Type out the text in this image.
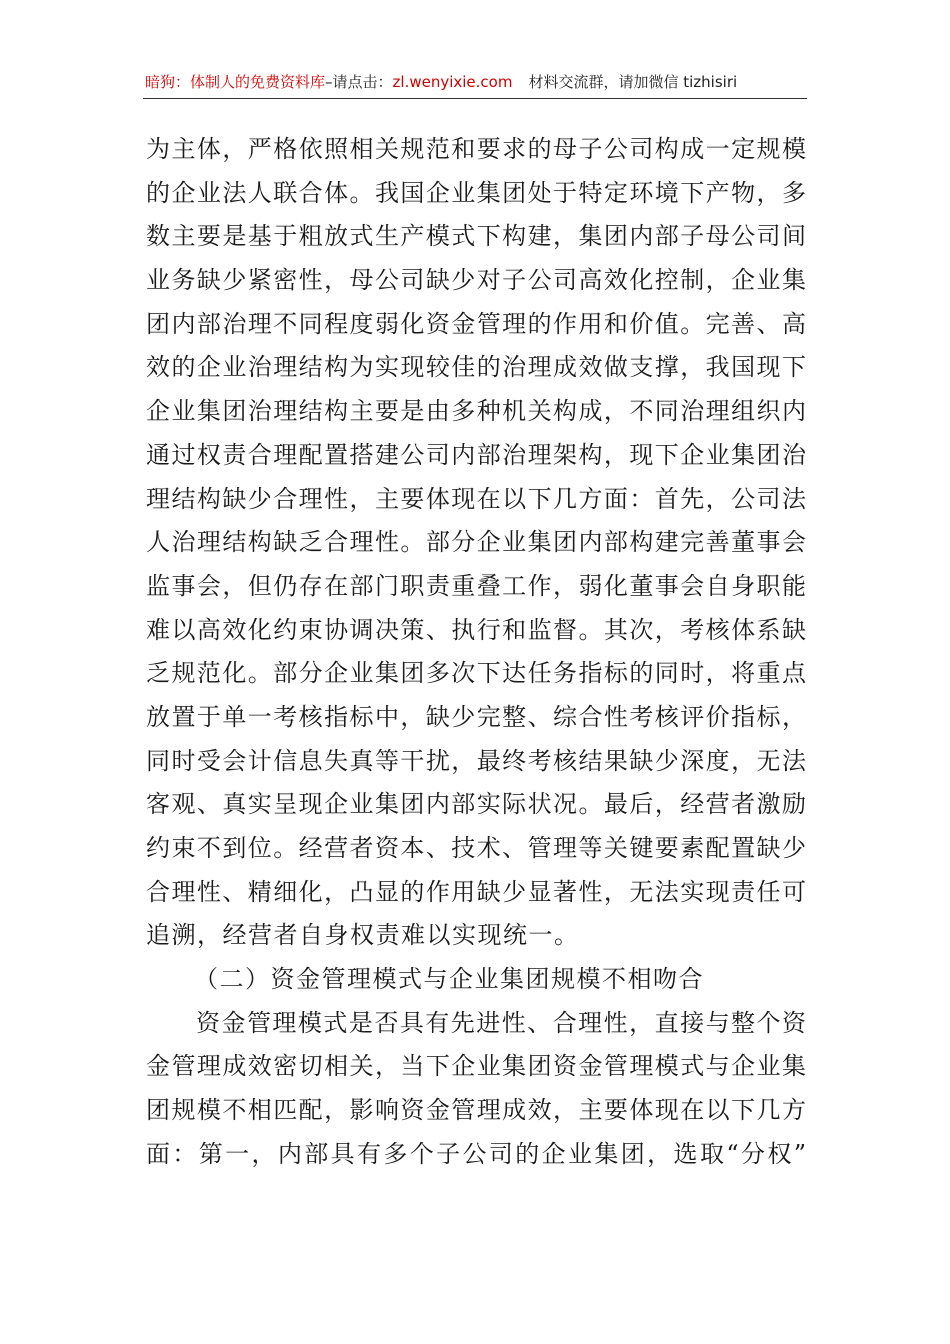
暗狗：体制人的免费资料库–请点击：zl.wenyixie.com 材料交流群，请加微信 tizhisiri
为主体，严格依照相关规范和要求的母子公司构成一定规模
的企业法人联合体。我国企业集团处于特定环境下产物，多
数主要是基于粗放式生产模式下构建，集团内部子母公司间
业务缺少紧密性，母公司缺少对子公司高效化控制，企业集
团内部治理不同程度弱化资金管理的作用和价值。完善、高
效的企业治理结构为实现较佳的治理成效做支撑，我国现下
企业集团治理结构主要是由多种机关构成，不同治理组织内
通过权责合理配置搭建公司内部治理架构，现下企业集团治
理结构缺少合理性，主要体现在以下几方面：首先，公司法
人治理结构缺乏合理性。部分企业集团内部构建完善董事会
监事会，但仍存在部门职责重叠工作，弱化董事会自身职能
难以高效化约束协调决策、执行和监督。其次，考核体系缺
乏规范化。部分企业集团多次下达任务指标的同时，将重点
放置于单一考核指标中，缺少完整、综合性考核评价指标，
同时受会计信息失真等干扰，最终考核结果缺少深度，无法
客观、真实呈现企业集团内部实际状况。最后，经营者激励
约束不到位。经营者资本、技术、管理等关键要素配置缺少
合理性、精细化，凸显的作用缺少显著性，无法实现责任可
追溯，经营者自身权责难以实现统一。
（二）资金管理模式与企业集团规模不相吻合
资金管理模式是否具有先进性、合理性，直接与整个资
金管理成效密切相关，当下企业集团资金管理模式与企业集
团规模不相匹配，影响资金管理成效，主要体现在以下几方
面：第一，内部具有多个子公司的企业集团，选取“分权”
